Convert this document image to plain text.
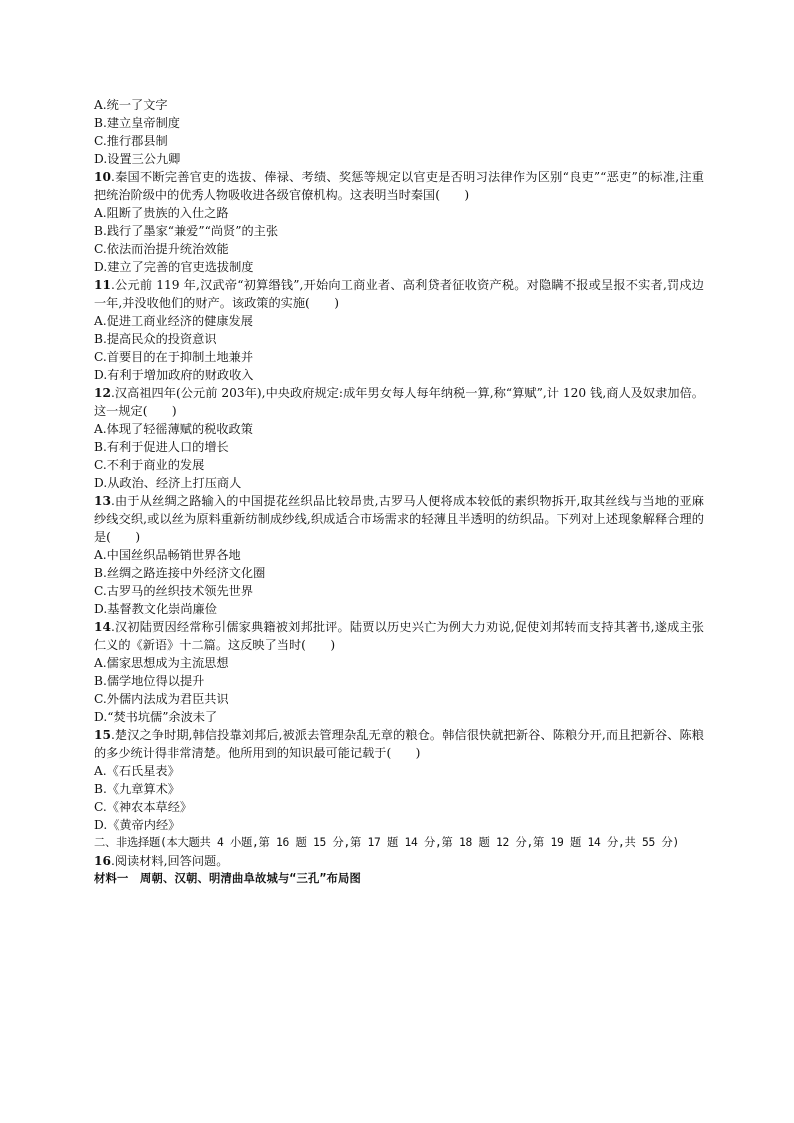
A.统一了文字
B.建立皇帝制度
C.推行郡县制
D.设置三公九卿
10.秦国不断完善官吏的选拔、俸禄、考绩、奖惩等规定以官吏是否明习法律作为区别“良吏”“恶吏”的标准,注重把统治阶级中的优秀人物吸收进各级官僚机构。这表明当时秦国(　　)
A.阻断了贵族的入仕之路
B.践行了墨家“兼爱”“尚贤”的主张
C.依法而治提升统治效能
D.建立了完善的官吏选拔制度
11.公元前 119 年,汉武帝“初算缗钱”,开始向工商业者、高利贷者征收资产税。对隐瞒不报或呈报不实者,罚戍边一年,并没收他们的财产。该政策的实施(　　)
A.促进工商业经济的健康发展
B.提高民众的投资意识
C.首要目的在于抑制土地兼并
D.有利于增加政府的财政收入
12.汉高祖四年(公元前 203年),中央政府规定:成年男女每人每年纳税一算,称“算赋”,计 120 钱,商人及奴隶加倍。这一规定(　　)
A.体现了轻徭薄赋的税收政策
B.有利于促进人口的增长
C.不利于商业的发展
D.从政治、经济上打压商人
13.由于从丝绸之路输入的中国提花丝织品比较昂贵,古罗马人便将成本较低的素织物拆开,取其丝线与当地的亚麻纱线交织,或以丝为原料重新纺制成纱线,织成适合市场需求的轻薄且半透明的纺织品。下列对上述现象解释合理的是(　　)
A.中国丝织品畅销世界各地
B.丝绸之路连接中外经济文化圈
C.古罗马的丝织技术领先世界
D.基督教文化崇尚廉俭
14.汉初陆贾因经常称引儒家典籍被刘邦批评。陆贾以历史兴亡为例大力劝说,促使刘邦转而支持其著书,遂成主张仁义的《新语》十二篇。这反映了当时(　　)
A.儒家思想成为主流思想
B.儒学地位得以提升
C.外儒内法成为君臣共识
D.“焚书坑儒”余波未了
15.楚汉之争时期,韩信投靠刘邦后,被派去管理杂乱无章的粮仓。韩信很快就把新谷、陈粮分开,而且把新谷、陈粮的多少统计得非常清楚。他所用到的知识最可能记载于(　　)
A.《石氏星表》
B.《九章算术》
C.《神农本草经》
D.《黄帝内经》
二、非选择题(本大题共 4 小题,第 16 题 15 分,第 17 题 14 分,第 18 题 12 分,第 19 题 14 分,共 55 分)
16.阅读材料,回答问题。
材料一　周朝、汉朝、明清曲阜故城与“三孔”布局图
